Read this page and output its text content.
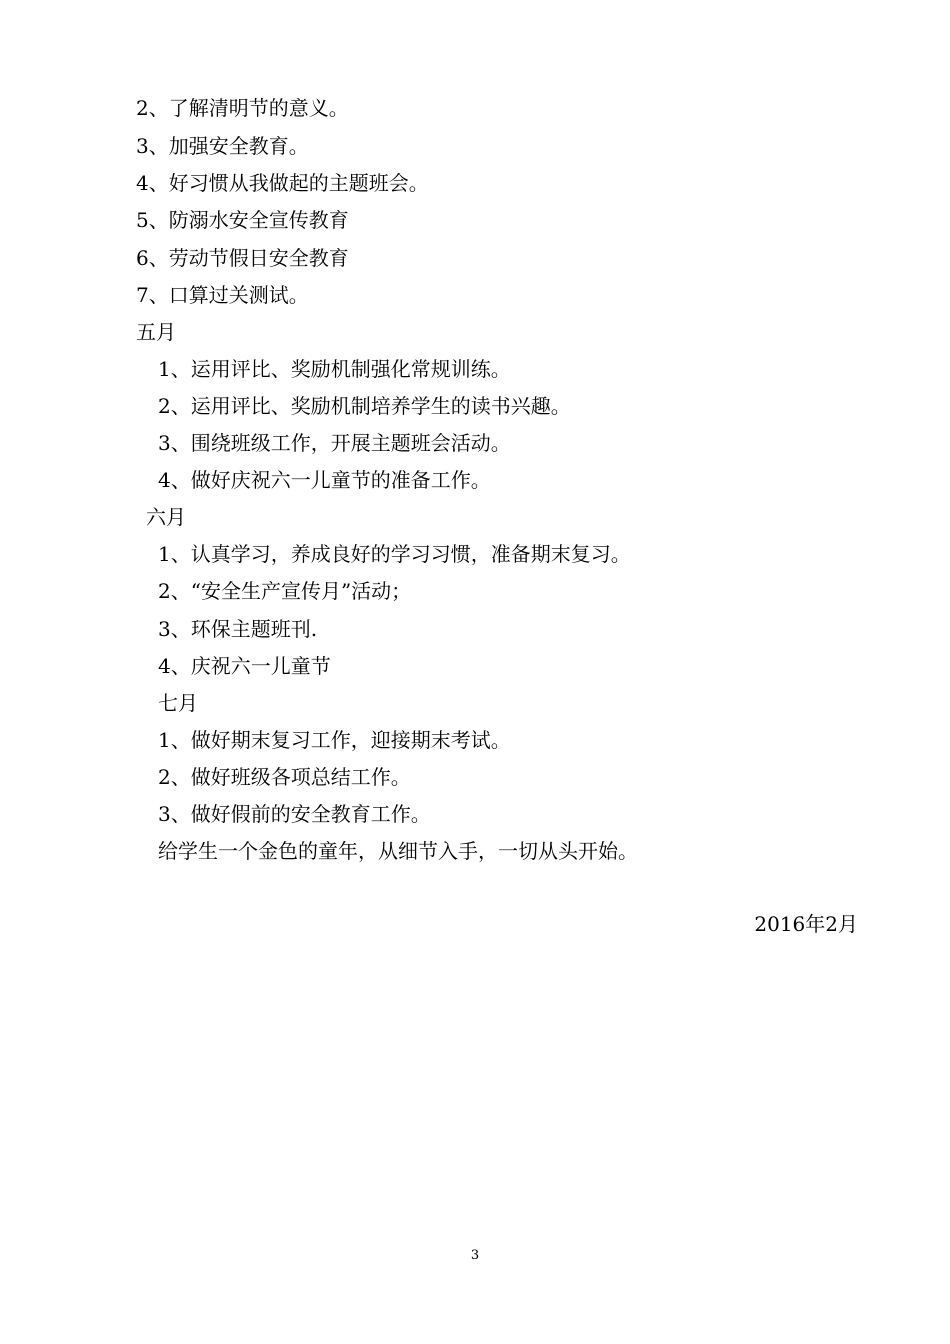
2、了解清明节的意义。
3、加强安全教育。
4、好习惯从我做起的主题班会。
5、防溺水安全宣传教育
6、劳动节假日安全教育
7、口算过关测试。
五月
1、运用评比、奖励机制强化常规训练。
2、运用评比、奖励机制培养学生的读书兴趣。
3、围绕班级工作，开展主题班会活动。
4、做好庆祝六一儿童节的准备工作。
六月
1、认真学习，养成良好的学习习惯，准备期末复习。
2、“安全生产宣传月”活动；
3、环保主题班刊.
4、庆祝六一儿童节
七月
1、做好期末复习工作，迎接期末考试。
2、做好班级各项总结工作。
3、做好假前的安全教育工作。
给学生一个金色的童年，从细节入手，一切从头开始。
2016年2月
3
